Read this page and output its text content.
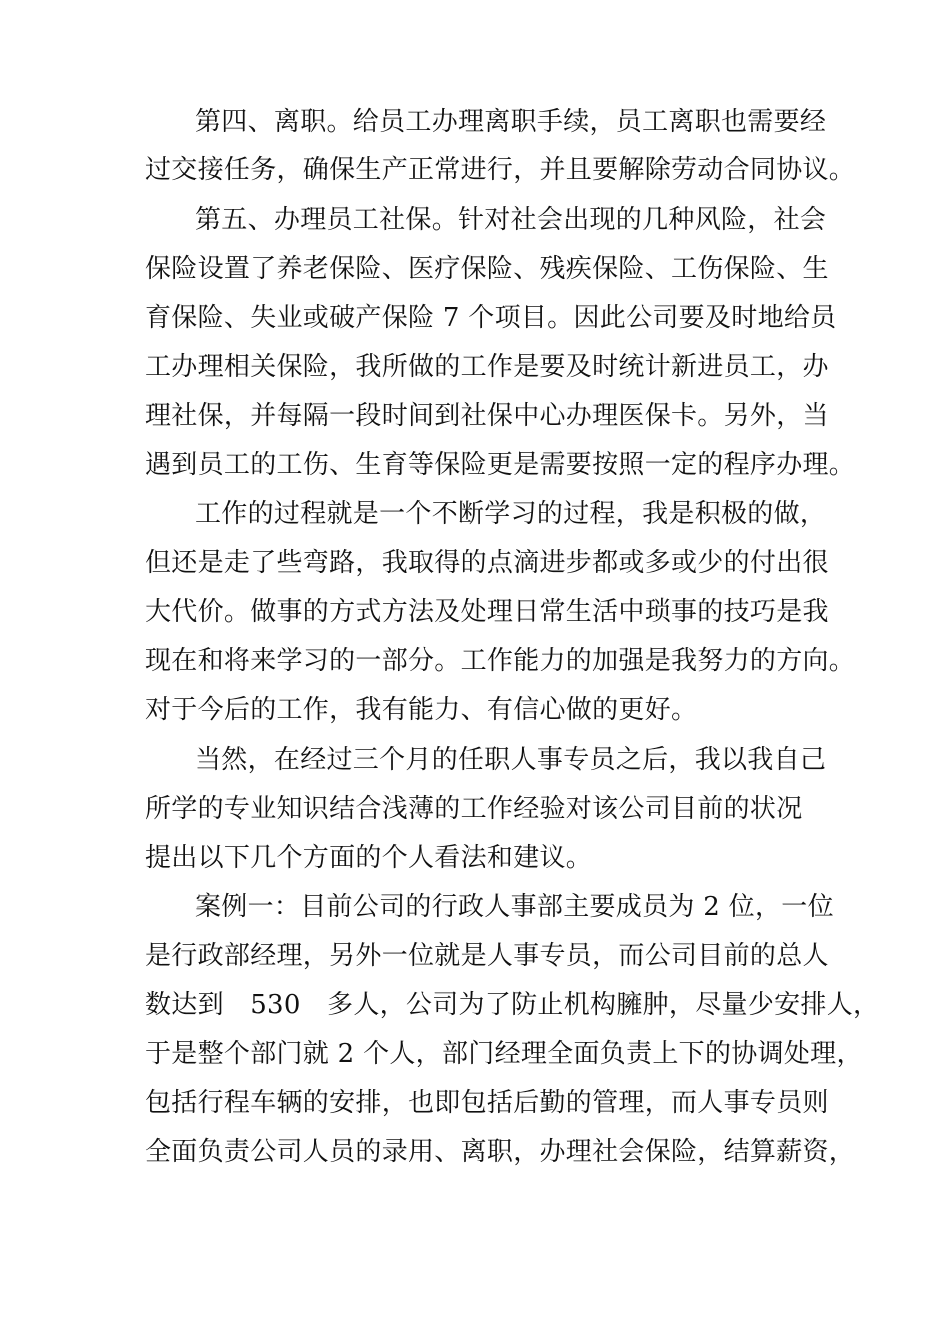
第四、离职。给员工办理离职手续，员工离职也需要经
过交接任务，确保生产正常进行，并且要解除劳动合同协议。
第五、办理员工社保。针对社会出现的几种风险，社会
保险设置了养老保险、医疗保险、残疾保险、工伤保险、生
育保险、失业或破产保险 7 个项目。因此公司要及时地给员
工办理相关保险，我所做的工作是要及时统计新进员工，办
理社保，并每隔一段时间到社保中心办理医保卡。另外，当
遇到员工的工伤、生育等保险更是需要按照一定的程序办理。
工作的过程就是一个不断学习的过程，我是积极的做，
但还是走了些弯路，我取得的点滴进步都或多或少的付出很
大代价。做事的方式方法及处理日常生活中琐事的技巧是我
现在和将来学习的一部分。工作能力的加强是我努力的方向。
对于今后的工作，我有能力、有信心做的更好。
当然，在经过三个月的任职人事专员之后，我以我自己
所学的专业知识结合浅薄的工作经验对该公司目前的状况
提出以下几个方面的个人看法和建议。
案例一：目前公司的行政人事部主要成员为 2 位，一位
是行政部经理，另外一位就是人事专员，而公司目前的总人
数达到　530　多人，公司为了防止机构臃肿，尽量少安排人，
于是整个部门就 2 个人，部门经理全面负责上下的协调处理，
包括行程车辆的安排，也即包括后勤的管理，而人事专员则
全面负责公司人员的录用、离职，办理社会保险，结算薪资，
